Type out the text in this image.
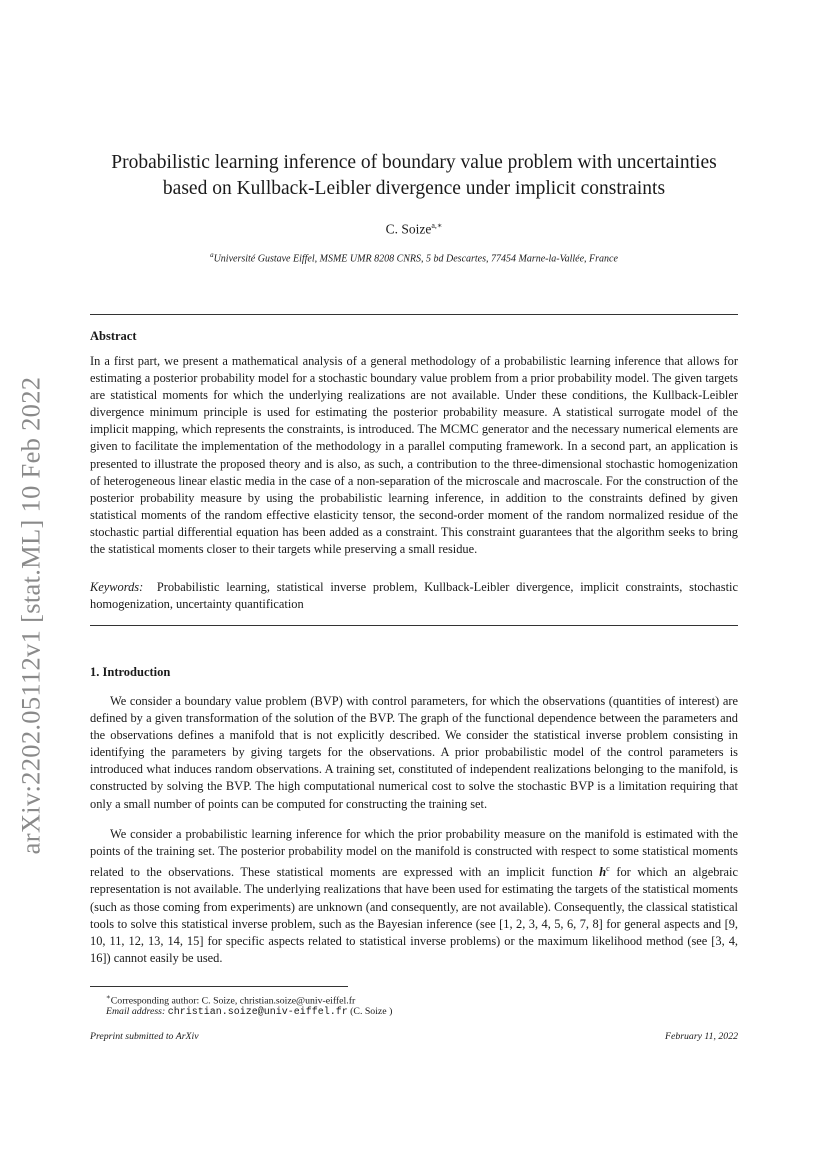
arXiv:2202.05112v1 [stat.ML] 10 Feb 2022
Probabilistic learning inference of boundary value problem with uncertainties
based on Kullback-Leibler divergence under implicit constraints
C. Soize$^{a,∗}$
$^a$Université Gustave Eiffel, MSME UMR 8208 CNRS, 5 bd Descartes, 77454 Marne-la-Vallée, France
Abstract
In a first part, we present a mathematical analysis of a general methodology of a probabilistic learning inference that allows for estimating a posterior probability model for a stochastic boundary value problem from a prior probability model. The given targets are statistical moments for which the underlying realizations are not available. Under these conditions, the Kullback-Leibler divergence minimum principle is used for estimating the posterior probability measure. A statistical surrogate model of the implicit mapping, which represents the constraints, is introduced. The MCMC generator and the necessary numerical elements are given to facilitate the implementation of the methodology in a parallel computing framework. In a second part, an application is presented to illustrate the proposed theory and is also, as such, a contribution to the three-dimensional stochastic homogenization of heterogeneous linear elastic media in the case of a non-separation of the microscale and macroscale. For the construction of the posterior probability measure by using the probabilistic learning inference, in addition to the constraints defined by given statistical moments of the random effective elasticity tensor, the second-order moment of the random normalized residue of the stochastic partial differential equation has been added as a constraint. This constraint guarantees that the algorithm seeks to bring the statistical moments closer to their targets while preserving a small residue.
Keywords: Probabilistic learning, statistical inverse problem, Kullback-Leibler divergence, implicit constraints, stochastic homogenization, uncertainty quantification
1. Introduction
We consider a boundary value problem (BVP) with control parameters, for which the observations (quantities of interest) are defined by a given transformation of the solution of the BVP. The graph of the functional dependence between the parameters and the observations defines a manifold that is not explicitly described. We consider the statistical inverse problem consisting in identifying the parameters by giving targets for the observations. A prior probabilistic model of the control parameters is introduced what induces random observations. A training set, constituted of independent realizations belonging to the manifold, is constructed by solving the BVP. The high computational numerical cost to solve the stochastic BVP is a limitation requiring that only a small number of points can be computed for constructing the training set.
We consider a probabilistic learning inference for which the prior probability measure on the manifold is estimated with the points of the training set. The posterior probability model on the manifold is constructed with respect to some statistical moments related to the observations. These statistical moments are expressed with an implicit function $h^c$ for which an algebraic representation is not available. The underlying realizations that have been used for estimating the targets of the statistical moments (such as those coming from experiments) are unknown (and consequently, are not available). Consequently, the classical statistical tools to solve this statistical inverse problem, such as the Bayesian inference (see [1, 2, 3, 4, 5, 6, 7, 8] for general aspects and [9, 10, 11, 12, 13, 14, 15] for specific aspects related to statistical inverse problems) or the maximum likelihood method (see [3, 4, 16]) cannot easily be used.
∗Corresponding author: C. Soize, christian.soize@univ-eiffel.fr
Email address: christian.soize@univ-eiffel.fr (C. Soize )
Preprint submitted to ArXiv	February 11, 2022
